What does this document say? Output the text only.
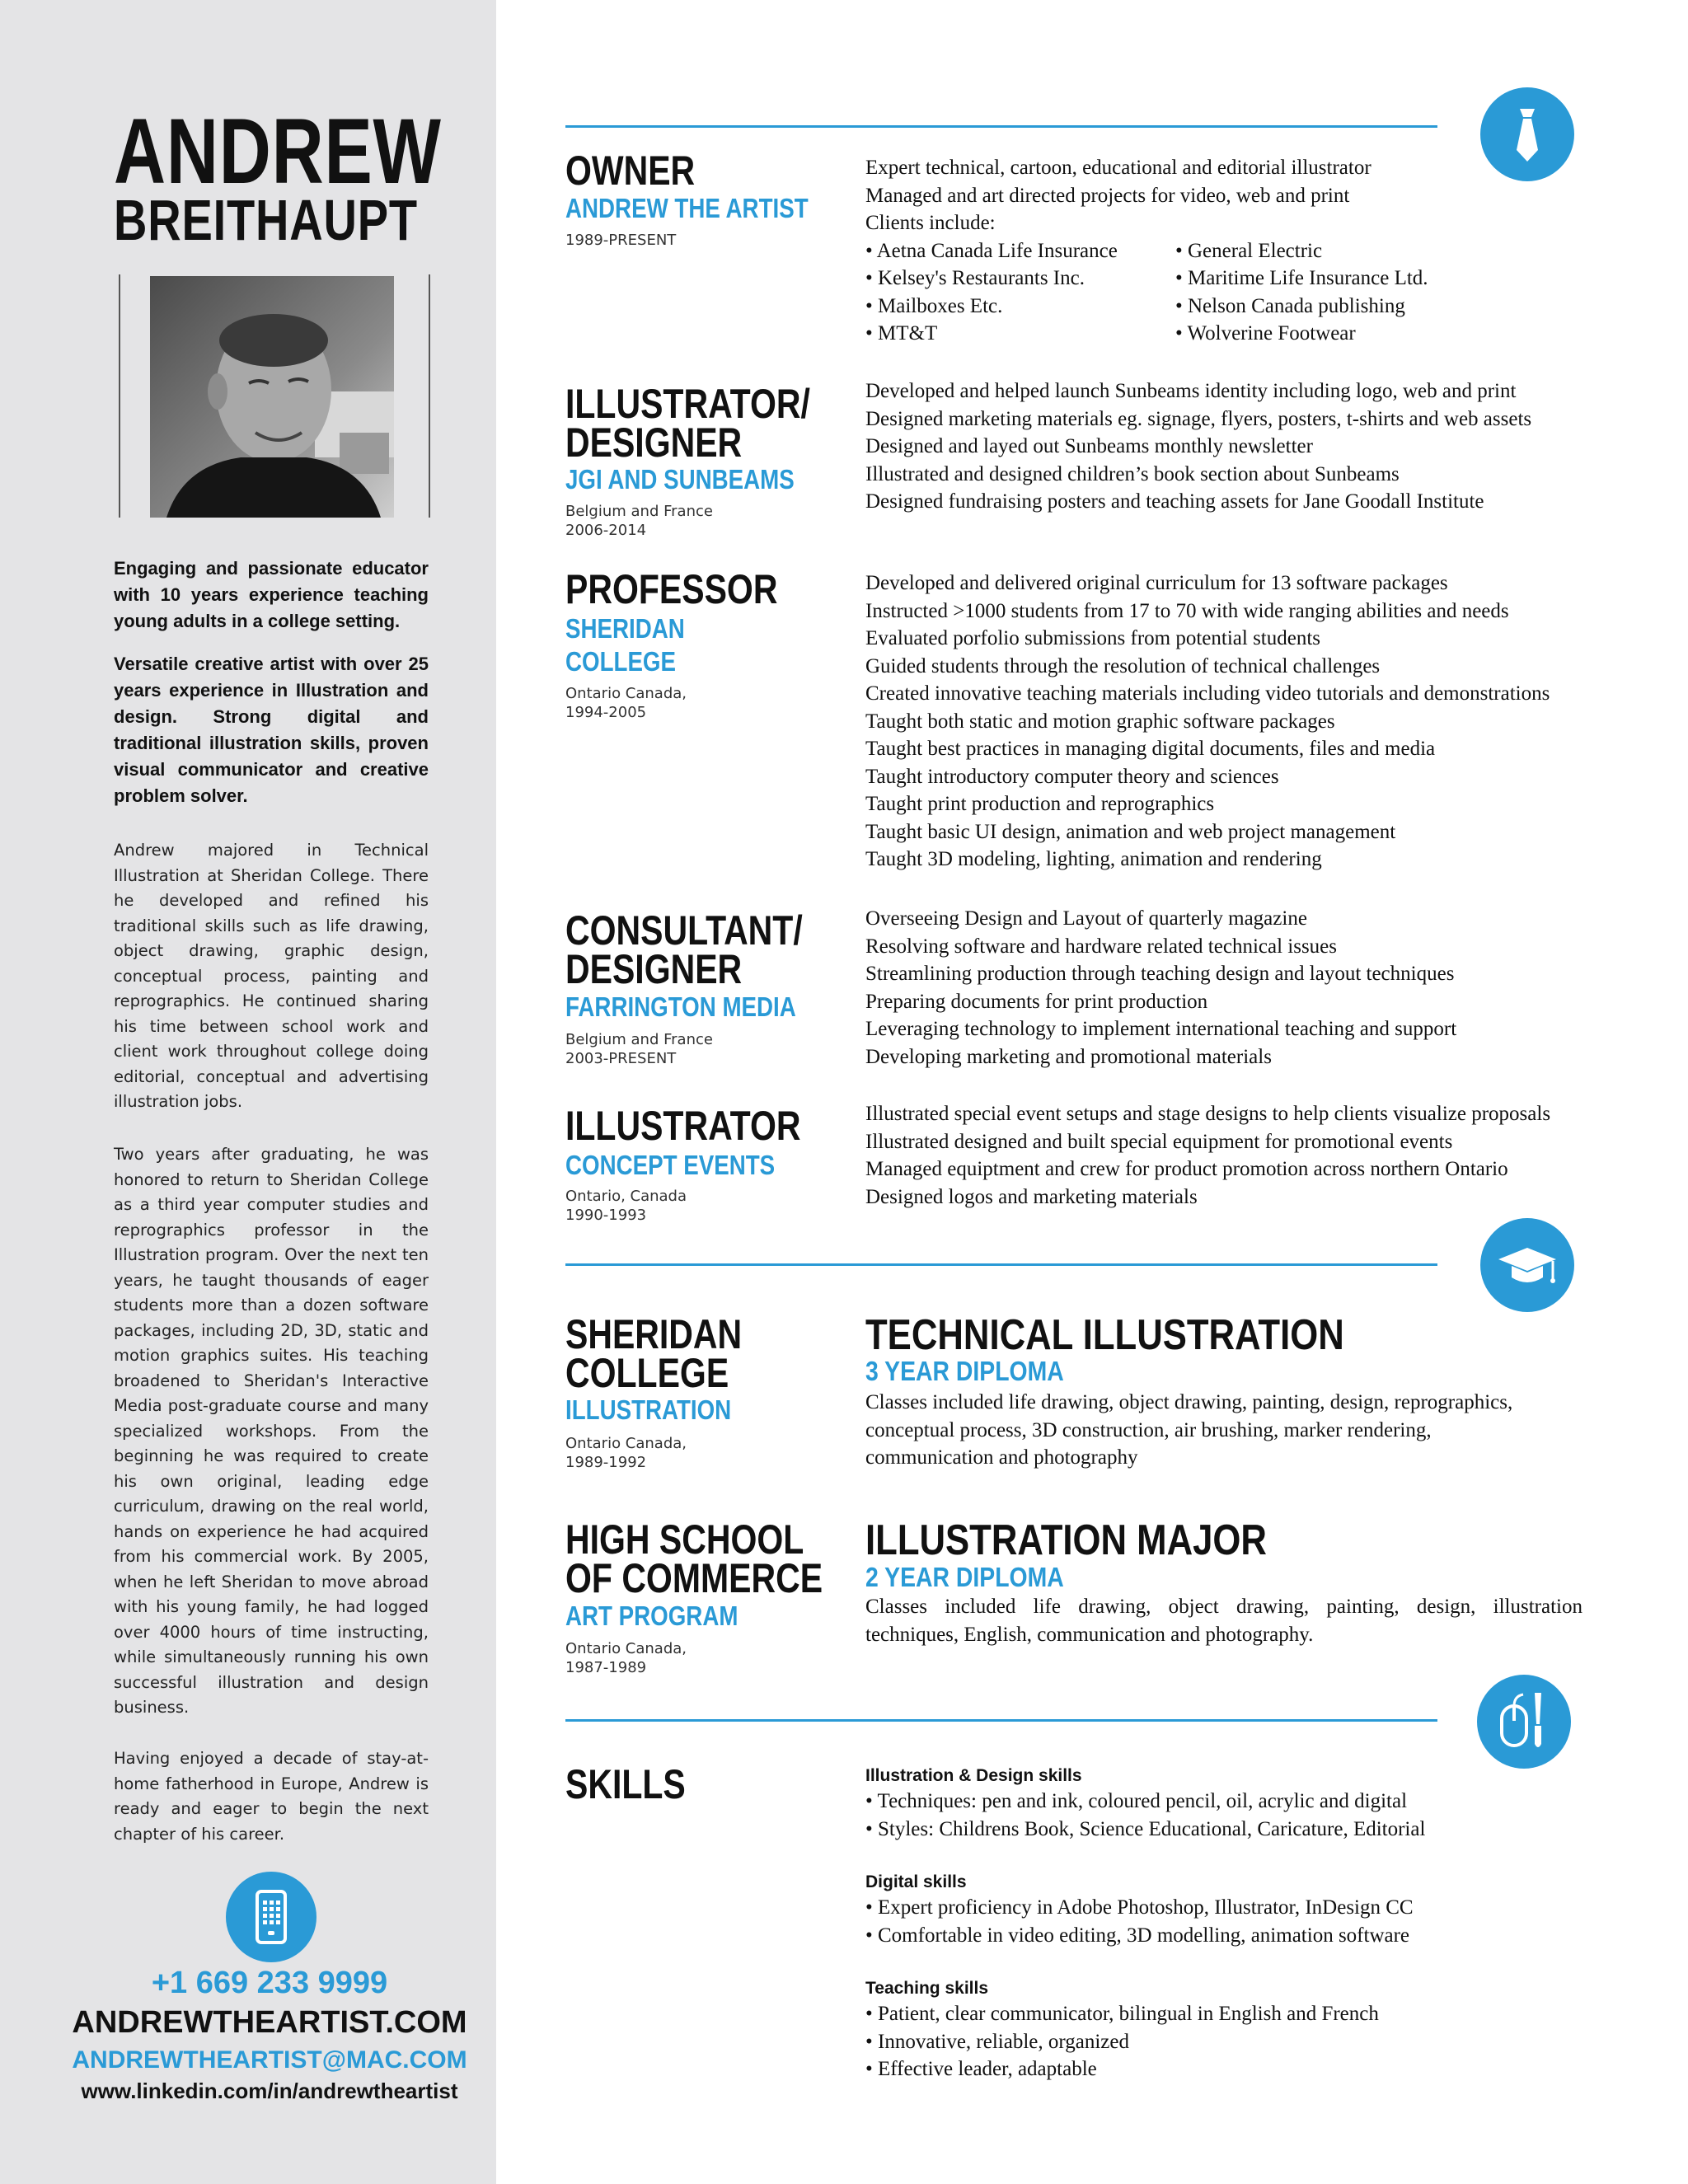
ANDREW
BREITHAUPT
Engaging and passionate educator with 10 years experience teaching young adults in a college setting.
Versatile creative artist with over 25 years experience in Illustration and design. Strong digital and traditional illustration skills, proven visual communicator and creative problem solver.
Andrew majored in Technical Illustration at Sheridan College. There he developed and refined his traditional skills such as life drawing, object drawing, graphic design, conceptual process, painting and reprographics. He continued sharing his time between school work and client work throughout college doing editorial, conceptual and advertising illustration jobs.
Two years after graduating, he was honored to return to Sheridan College as a third year computer studies and reprographics professor in the Illustration program. Over the next ten years, he taught thousands of eager students more than a dozen software packages, including 2D, 3D, static and motion graphics suites. His teaching broadened to Sheridan's Interactive Media post-graduate course and many specialized workshops. From the beginning he was required to create his own original, leading edge curriculum, drawing on the real world, hands on experience he had acquired from his commercial work. By 2005, when he left Sheridan to move abroad with his young family, he had logged over 4000 hours of time instructing, while simultaneously running his own successful illustration and design business.
Having enjoyed a decade of stay-at-home fatherhood in Europe, Andrew is ready and eager to begin the next chapter of his career.
+1 669 233 9999
ANDREWTHEARTIST.COM
ANDREWTHEARTIST@MAC.COM
www.linkedin.com/in/andrewtheartist
OWNER
ANDREW THE ARTIST
1989-PRESENT
Expert technical, cartoon, educational and editorial illustrator
Managed and art directed projects for video, web and print
Clients include:
• Aetna Canada Life Insurance
• Kelsey's Restaurants Inc.
• Mailboxes Etc.
• MT&T
• General Electric
• Maritime Life Insurance Ltd.
• Nelson Canada publishing
• Wolverine Footwear
ILLUSTRATOR/
DESIGNER
JGI AND SUNBEAMS
Belgium and France
2006-2014
Developed and helped launch Sunbeams identity including logo, web and print
Designed marketing materials eg. signage, flyers, posters, t-shirts and web assets
Designed and layed out Sunbeams monthly newsletter
Illustrated and designed children’s book section about Sunbeams
Designed fundraising posters and teaching assets for Jane Goodall Institute
PROFESSOR
SHERIDAN
COLLEGE
Ontario Canada,
1994-2005
Developed and delivered original curriculum for 13 software packages
Instructed >1000 students from 17 to 70 with wide ranging abilities and needs
Evaluated porfolio submissions from potential students
Guided students through the resolution of technical challenges
Created innovative teaching materials including video tutorials and demonstrations
Taught both static and motion graphic software packages
Taught best practices in managing digital documents, files and media
Taught introductory computer theory and sciences
Taught print production and reprographics
Taught basic UI design, animation and web project management
Taught 3D modeling, lighting, animation and rendering
CONSULTANT/
DESIGNER
FARRINGTON MEDIA
Belgium and France
2003-PRESENT
Overseeing Design and Layout of quarterly magazine
Resolving software and hardware related technical issues
Streamlining production through teaching design and layout techniques
Preparing documents for print production
Leveraging technology to implement international teaching and support
Developing marketing and promotional materials
ILLUSTRATOR
CONCEPT EVENTS
Ontario, Canada
1990-1993
Illustrated special event setups and stage designs to help clients visualize proposals
Illustrated designed and built special equipment for promotional events
Managed equiptment and crew for product promotion across northern Ontario
Designed logos and marketing materials
SHERIDAN
COLLEGE
ILLUSTRATION
Ontario Canada,
1989-1992
TECHNICAL ILLUSTRATION
3 YEAR DIPLOMA
Classes included life drawing, object drawing, painting, design, reprographics,
conceptual process, 3D construction, air brushing, marker rendering,
communication and photography
HIGH SCHOOL
OF COMMERCE
ART PROGRAM
Ontario Canada,
1987-1989
ILLUSTRATION MAJOR
2 YEAR DIPLOMA
Classes included life drawing, object drawing, painting, design, illustration
techniques, English, communication and photography.
SKILLS	Illustration & Design skills
• Techniques: pen and ink, coloured pencil, oil, acrylic and digital
• Styles: Childrens Book, Science Educational, Caricature, Editorial
Digital skills
• Expert proficiency in Adobe Photoshop, Illustrator, InDesign CC
• Comfortable in video editing, 3D modelling, animation software
Teaching skills
• Patient, clear communicator, bilingual in English and French
• Innovative, reliable, organized
• Effective leader, adaptable
